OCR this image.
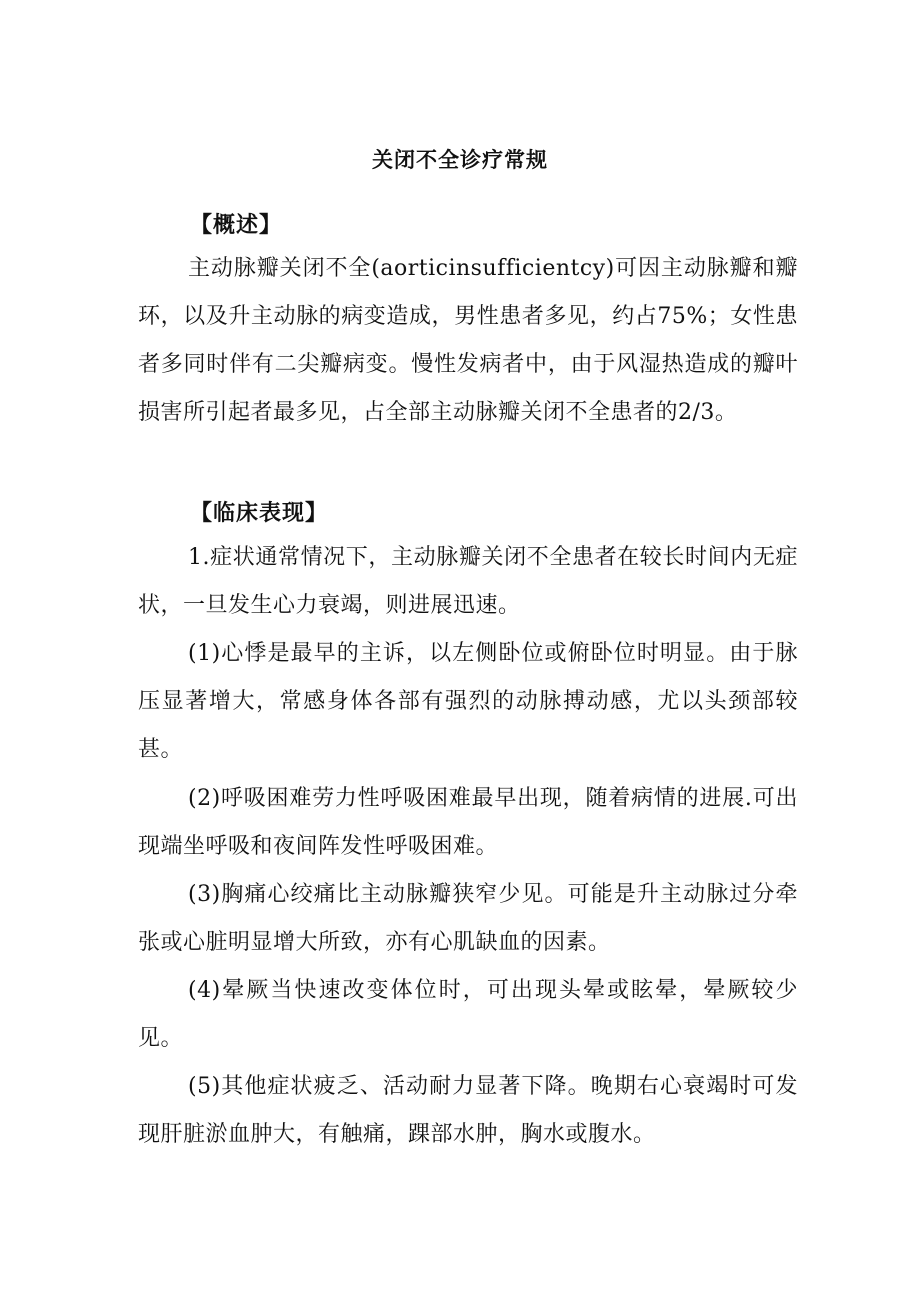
关闭不全诊疗常规
【概述】
主动脉瓣关闭不全(aorticinsufficientcy)可因主动脉瓣和瓣环，以及升主动脉的病变造成，男性患者多见，约占75%；女性患者多同时伴有二尖瓣病变。慢性发病者中，由于风湿热造成的瓣叶损害所引起者最多见，占全部主动脉瓣关闭不全患者的2/3。
【临床表现】
1.症状通常情况下，主动脉瓣关闭不全患者在较长时间内无症状，一旦发生心力衰竭，则进展迅速。
(1)心悸是最早的主诉，以左侧卧位或俯卧位时明显。由于脉压显著增大，常感身体各部有强烈的动脉搏动感，尤以头颈部较甚。
(2)呼吸困难劳力性呼吸困难最早出现，随着病情的进展.可出现端坐呼吸和夜间阵发性呼吸困难。
(3)胸痛心绞痛比主动脉瓣狭窄少见。可能是升主动脉过分牵张或心脏明显增大所致，亦有心肌缺血的因素。
(4)晕厥当快速改变体位时，可出现头晕或眩晕，晕厥较少见。
(5)其他症状疲乏、活动耐力显著下降。晚期右心衰竭时可发现肝脏淤血肿大，有触痛，踝部水肿，胸水或腹水。
